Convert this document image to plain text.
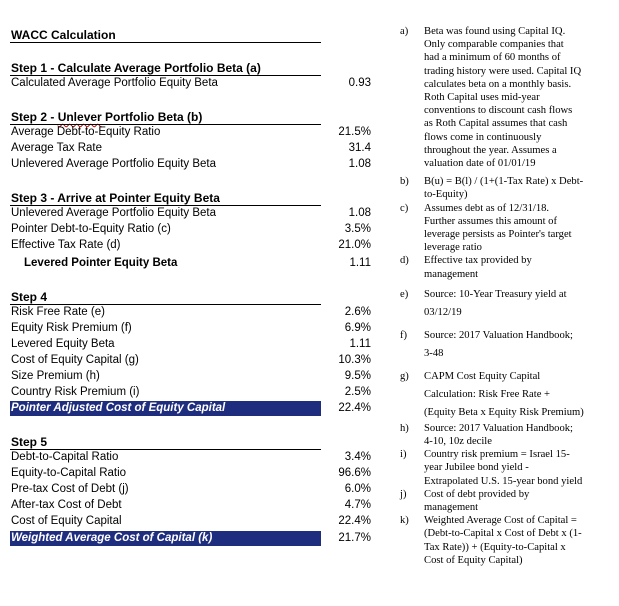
WACC Calculation
Step 1 - Calculate Average Portfolio Beta (a)
Calculated Average Portfolio Equity Beta	0.93
Step 2 - Unlever Portfolio Beta (b)
Average Debt-to-Equity Ratio	21.5%
Average Tax Rate	31.4
Unlevered Average Portfolio Equity Beta	1.08
Step 3 - Arrive at Pointer Equity Beta
Unlevered Average Portfolio Equity Beta	1.08
Pointer Debt-to-Equity Ratio (c)	3.5%
Effective Tax Rate (d)	21.0%
Levered Pointer Equity Beta	1.11
Step 4
Risk Free Rate (e)	2.6%
Equity Risk Premium (f)	6.9%
Levered Equity Beta	1.11
Cost of Equity Capital (g)	10.3%
Size Premium (h)	9.5%
Country Risk Premium (i)	2.5%
Pointer Adjusted Cost of Equity Capital	22.4%
Step 5
Debt-to-Capital Ratio	3.4%
Equity-to-Capital Ratio	96.6%
Pre-tax Cost of Debt (j)	6.0%
After-tax Cost of Debt	4.7%
Cost of Equity Capital	22.4%
Weighted Average Cost of Capital (k)	21.7%
a)	Beta was found using Capital IQ.
Only comparable companies that
had a minimum of 60 months of
trading history were used. Capital IQ
calculates beta on a monthly basis.
Roth Capital uses mid-year
conventions to discount cash flows
as Roth Capital assumes that cash
flows come in continuously
throughout the year. Assumes a
valuation date of 01/01/19
b)	B(u) = B(l) / (1+(1-Tax Rate) x Debt-
to-Equity)
c)	Assumes debt as of 12/31/18.
Further assumes this amount of
leverage persists as Pointer's target
leverage ratio
d)	Effective tax provided by
management
e)	Source: 10-Year Treasury yield at
03/12/19
f)	Source: 2017 Valuation Handbook;
3-48
g)	CAPM Cost Equity Capital
Calculation: Risk Free Rate +
(Equity Beta x Equity Risk Premium)
h)	Source: 2017 Valuation Handbook;
4-10, 10z decile
i)	Country risk premium = Israel 15-
year Jubilee bond yield -
Extrapolated U.S. 15-year bond yield
j)	Cost of debt provided by
management
k)	Weighted Average Cost of Capital =
(Debt-to-Capital x Cost of Debt x (1-
Tax Rate)) + (Equity-to-Capital x
Cost of Equity Capital)
